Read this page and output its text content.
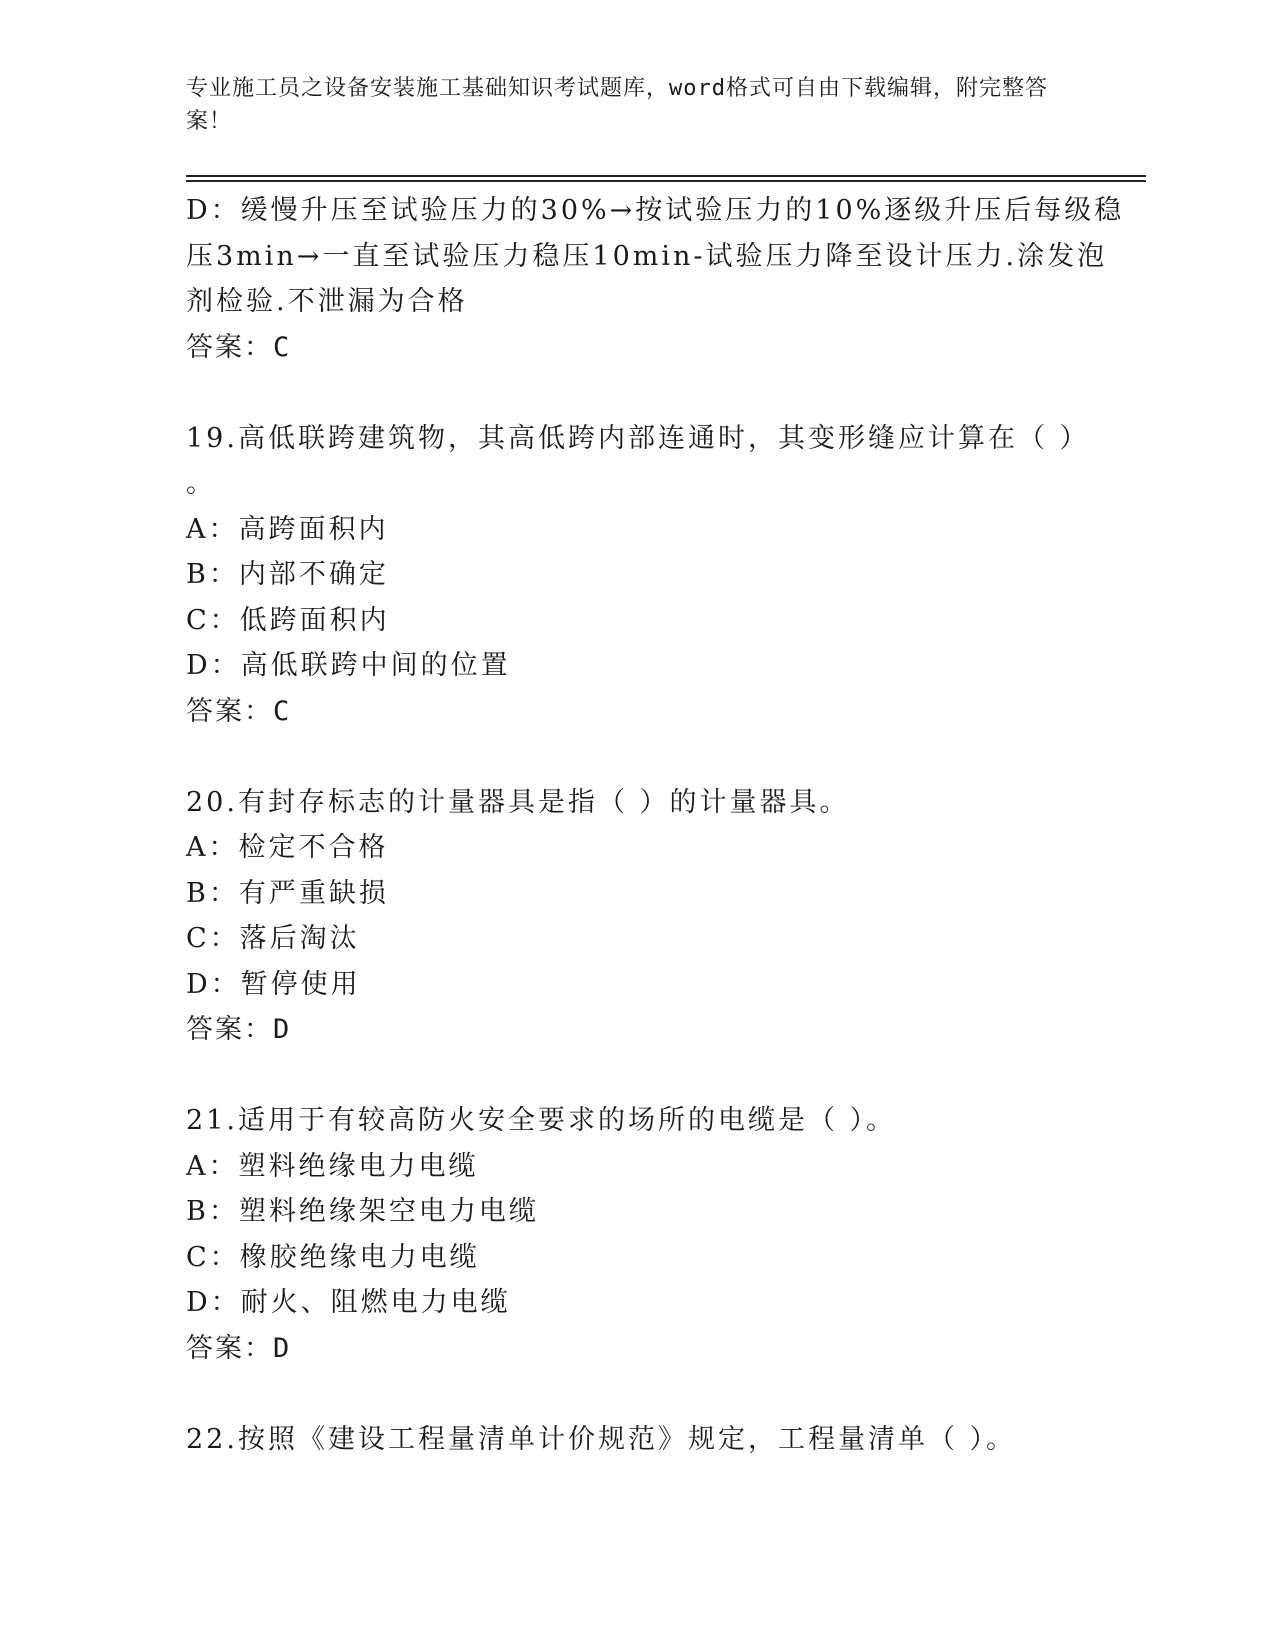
专业施工员之设备安装施工基础知识考试题库，word格式可自由下载编辑，附完整答案！
D：缓慢升压至试验压力的30%→按试验压力的10%逐级升压后每级稳
压3min→一直至试验压力稳压10min-试验压力降至设计压力.涂发泡
剂检验.不泄漏为合格
答案：C
19.高低联跨建筑物，其高低跨内部连通时，其变形缝应计算在（ ）
。
A：高跨面积内
B：内部不确定
C：低跨面积内
D：高低联跨中间的位置
答案：C
20.有封存标志的计量器具是指（ ）的计量器具。
A：检定不合格
B：有严重缺损
C：落后淘汰
D：暂停使用
答案：D
21.适用于有较高防火安全要求的场所的电缆是（ ）。
A：塑料绝缘电力电缆
B：塑料绝缘架空电力电缆
C：橡胶绝缘电力电缆
D：耐火、阻燃电力电缆
答案：D
22.按照《建设工程量清单计价规范》规定，工程量清单（ ）。
